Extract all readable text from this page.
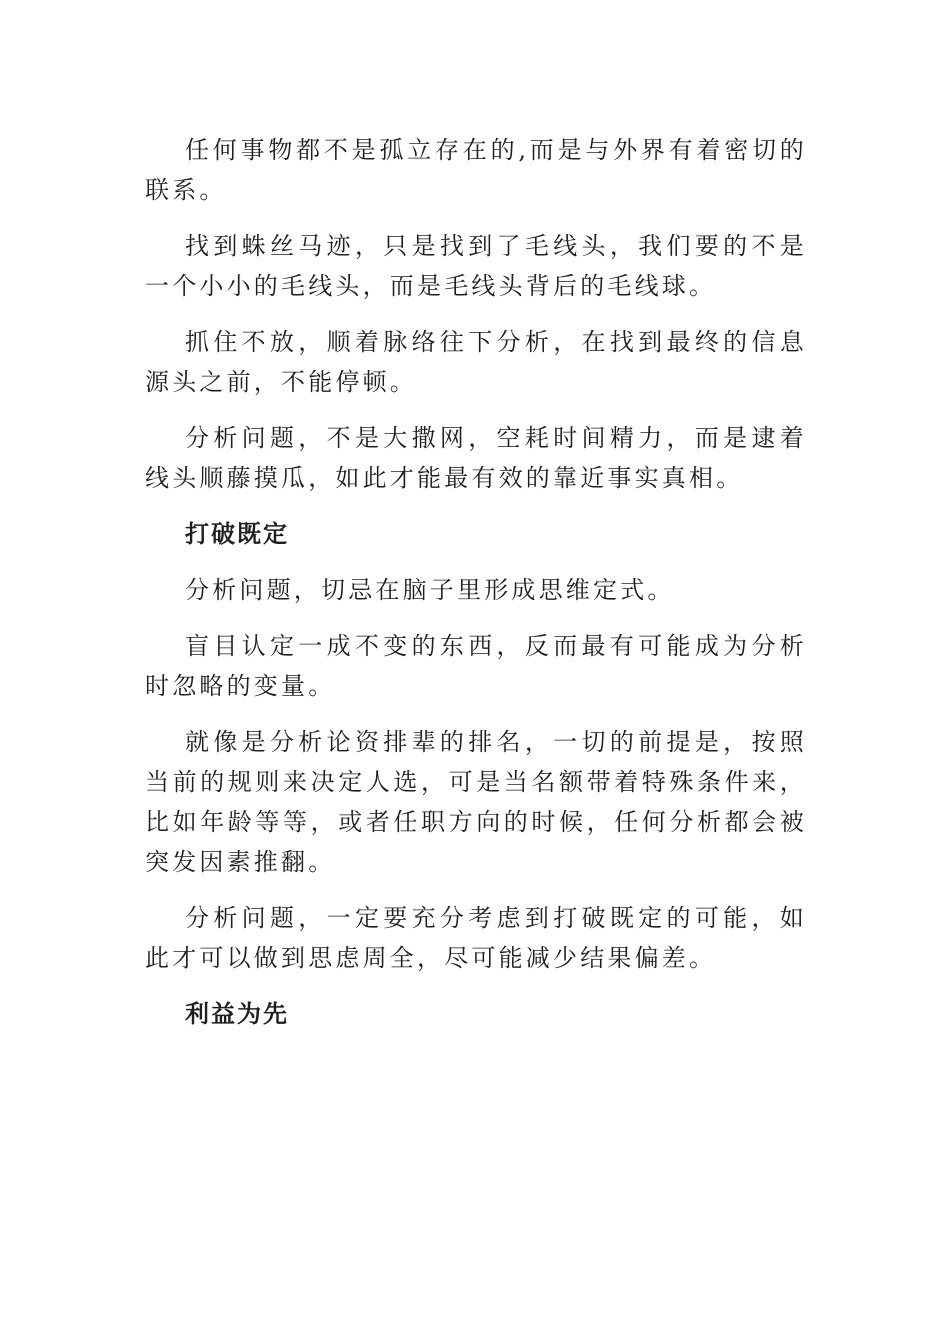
任何事物都不是孤立存在的,而是与外界有着密切的联系。

找到蛛丝马迹，只是找到了毛线头，我们要的不是一个小小的毛线头，而是毛线头背后的毛线球。

抓住不放，顺着脉络往下分析，在找到最终的信息源头之前，不能停顿。

分析问题，不是大撒网，空耗时间精力，而是逮着线头顺藤摸瓜，如此才能最有效的靠近事实真相。

打破既定

分析问题，切忌在脑子里形成思维定式。

盲目认定一成不变的东西，反而最有可能成为分析时忽略的变量。

就像是分析论资排辈的排名，一切的前提是，按照当前的规则来决定人选，可是当名额带着特殊条件来，比如年龄等等，或者任职方向的时候，任何分析都会被突发因素推翻。

分析问题，一定要充分考虑到打破既定的可能，如此才可以做到思虑周全，尽可能减少结果偏差。

利益为先
